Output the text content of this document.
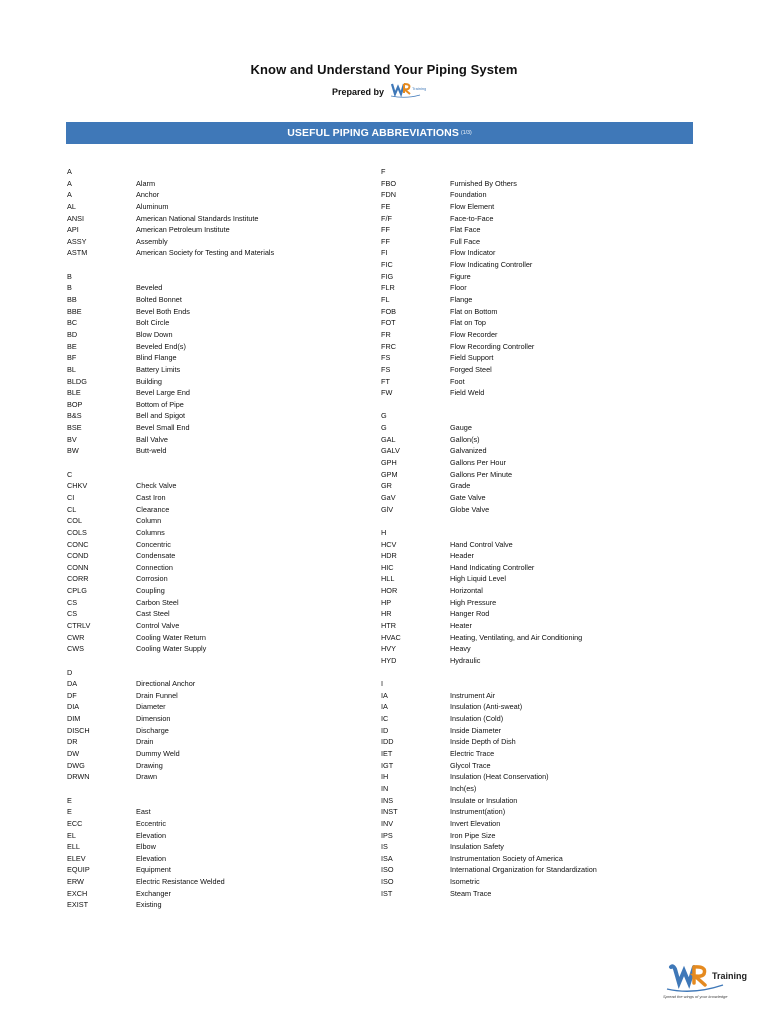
Know and Understand Your Piping System
Prepared by	Training
USEFUL PIPING ABBREVIATIONS $^{(1/3)}$
A
A	Alarm
A	Anchor
AL	Aluminum
ANSI	American National Standards Institute
API	American Petroleum Institute
ASSY	Assembly
ASTM	American Society for Testing and Materials
B
B	Beveled
BB	Bolted Bonnet
BBE	Bevel Both Ends
BC	Bolt Circle
BD	Blow Down
BE	Beveled End(s)
BF	Blind Flange
BL	Battery Limits
BLDG	Building
BLE	Bevel Large End
BOP	Bottom of Pipe
B&S	Bell and Spigot
BSE	Bevel Small End
BV	Ball Valve
BW	Butt-weld
C
CHKV	Check Valve
CI	Cast Iron
CL	Clearance
COL	Column
COLS	Columns
CONC	Concentric
COND	Condensate
CONN	Connection
CORR	Corrosion
CPLG	Coupling
CS	Carbon Steel
CS	Cast Steel
CTRLV	Control Valve
CWR	Cooling Water Return
CWS	Cooling Water Supply
D
DA	Directional Anchor
DF	Drain Funnel
DIA	Diameter
DIM	Dimension
DISCH	Discharge
DR	Drain
DW	Dummy Weld
DWG	Drawing
DRWN	Drawn
E
E	East
ECC	Eccentric
EL	Elevation
ELL	Elbow
ELEV	Elevation
EQUIP	Equipment
ERW	Electric Resistance Welded
EXCH	Exchanger
EXIST	Existing
F
FBO	Furnished By Others
FDN	Foundation
FE	Flow Element
F/F	Face-to-Face
FF	Flat Face
FF	Full Face
FI	Flow Indicator
FIC	Flow Indicating Controller
FIG	Figure
FLR	Floor
FL	Flange
FOB	Flat on Bottom
FOT	Flat on Top
FR	Flow Recorder
FRC	Flow Recording Controller
FS	Field Support
FS	Forged Steel
FT	Foot
FW	Field Weld
G
G	Gauge
GAL	Gallon(s)
GALV	Galvanized
GPH	Gallons Per Hour
GPM	Gallons Per Minute
GR	Grade
GaV	Gate Valve
GlV	Globe Valve
H
HCV	Hand Control Valve
HDR	Header
HIC	Hand Indicating Controller
HLL	High Liquid Level
HOR	Horizontal
HP	High Pressure
HR	Hanger Rod
HTR	Heater
HVAC	Heating, Ventilating, and Air Conditioning
HVY	Heavy
HYD	Hydraulic
I
IA	Instrument Air
IA	Insulation (Anti-sweat)
IC	Insulation (Cold)
ID	Inside Diameter
IDD	Inside Depth of Dish
IET	Electric Trace
IGT	Glycol Trace
IH	Insulation (Heat Conservation)
IN	Inch(es)
INS	Insulate or Insulation
INST	Instrument(ation)
INV	Invert Elevation
IPS	Iron Pipe Size
IS	Insulation Safety
ISA	Instrumentation Society of America
ISO	International Organization for Standardization
ISO	Isometric
IST	Steam Trace
Training
Spread the wings of your knowledge
